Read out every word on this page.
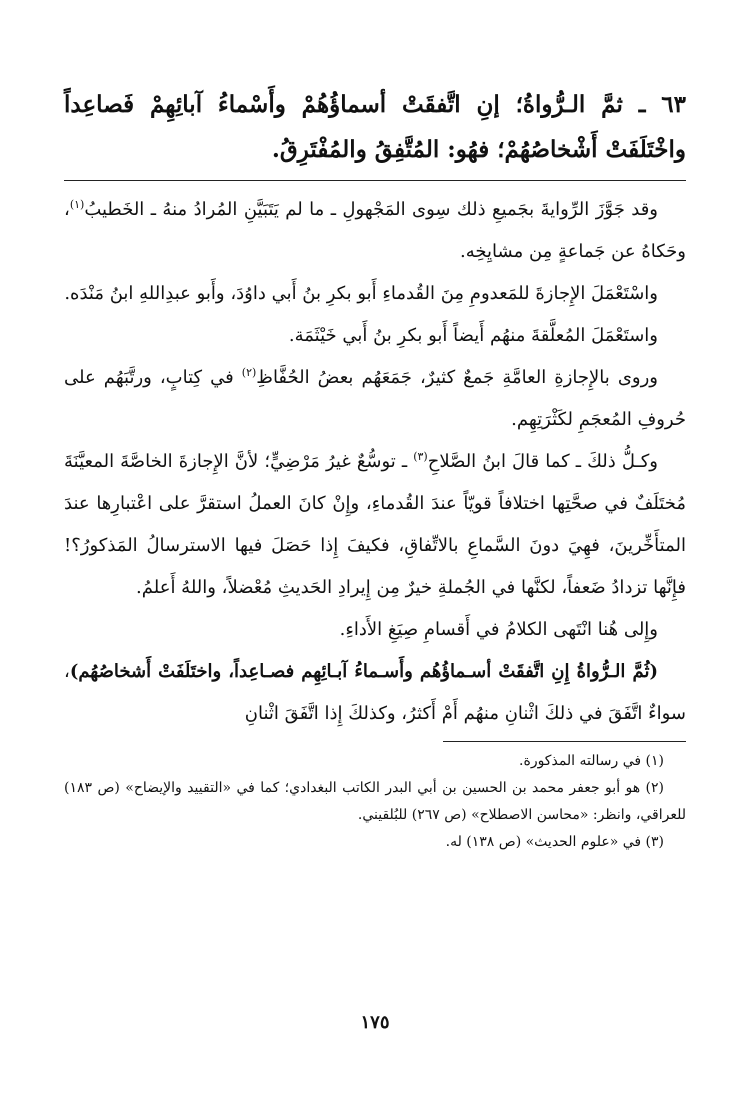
٦٣ ـ ثمَّ الـرُّواةُ؛ إنِ اتَّفقَتْ أسماؤُهُمْ وأَسْماءُ آبائِهِمْ فَصاعِداً واخْتَلَفَتْ أَشْخاصُهُمْ؛ فهُو: المُتَّفِقُ والمُفْتَرِقُ.

وقد جَوَّزَ الرِّوايةَ بجَميعِ ذلك سِوى المَجْهولِ ـ ما لم يَتَبَيَّنِ المُرادُ منهُ ـ الخَطيبُ$^{(١)}$، وحَكاهُ عن جَماعةٍ مِن مشايِخِه.

واسْتَعْمَلَ الإِجازةَ للمَعدومِ مِنَ القُدماءِ أَبو بكرِ بنُ أَبي داوُدَ، وأَبو عبدِاللهِ ابنُ مَنْدَه.

واستَعْمَلَ المُعلَّقةَ منهُم أَيضاً أَبو بكرِ بنُ أَبي خَيْثَمَة.

وروى بالإِجازةِ العامَّةِ جَمعٌ كثيرٌ، جَمَعَهُم بعضُ الحُفَّاظِ$^{(٢)}$ في كِتابٍ، ورتَّبَهُم على حُروفِ المُعجَمِ لكَثْرَتِهِم.

وكـلُّ ذلكَ ـ كما قالَ ابنُ الصَّلاحِ$^{(٣)}$ ـ توسُّعٌ غيرُ مَرْضِيٍّ؛ لأنَّ الإِجازةَ الخاصَّةَ المعيَّنَةَ مُختَلَفٌ في صحَّتِها اختلافاً قويّاً عندَ القُدماءِ، وإِنْ كانَ العملُ استقرَّ على اعْتبارِها عندَ المتأَخِّرينَ، فهِيَ دونَ السَّماعِ بالاتِّفاقِ، فكيفَ إِذا حَصَلَ فيها الاسترسالُ المَذكورُ؟! فإِنَّها تزدادُ ضَعفاً، لكنَّها في الجُملةِ خيرٌ مِن إِيرادِ الحَديثِ مُعْضلاً، واللهُ أَعلمُ.

وإِلى هُنا انْتَهى الكلامُ في أَقسامِ صِيَغِ الأَداءِ.

(ثُمَّ الـرُّواةُ إِنِ اتَّفقَتْ أسـماؤُهُم وأَسـماءُ آبـائِهِم فصـاعِداً، واختَلَفَتْ أَشخاصُهُم)، سواءٌ اتَّفَقَ في ذلكَ اثْنانِ منهُم أَمْ أَكثرُ، وكذلكَ إِذا اتَّفَقَ اثْنانِ

(١) في رسالته المذكورة.

(٢) هو أبو جعفر محمد بن الحسين بن أبي البدر الكاتب البغدادي؛ كما في «التقييد والإيضاح» (ص ١٨٣) للعراقي، وانظر: «محاسن الاصطلاح» (ص ٢٦٧) للبُلقيني.

(٣) في «علوم الحديث» (ص ١٣٨) له.

١٧٥
